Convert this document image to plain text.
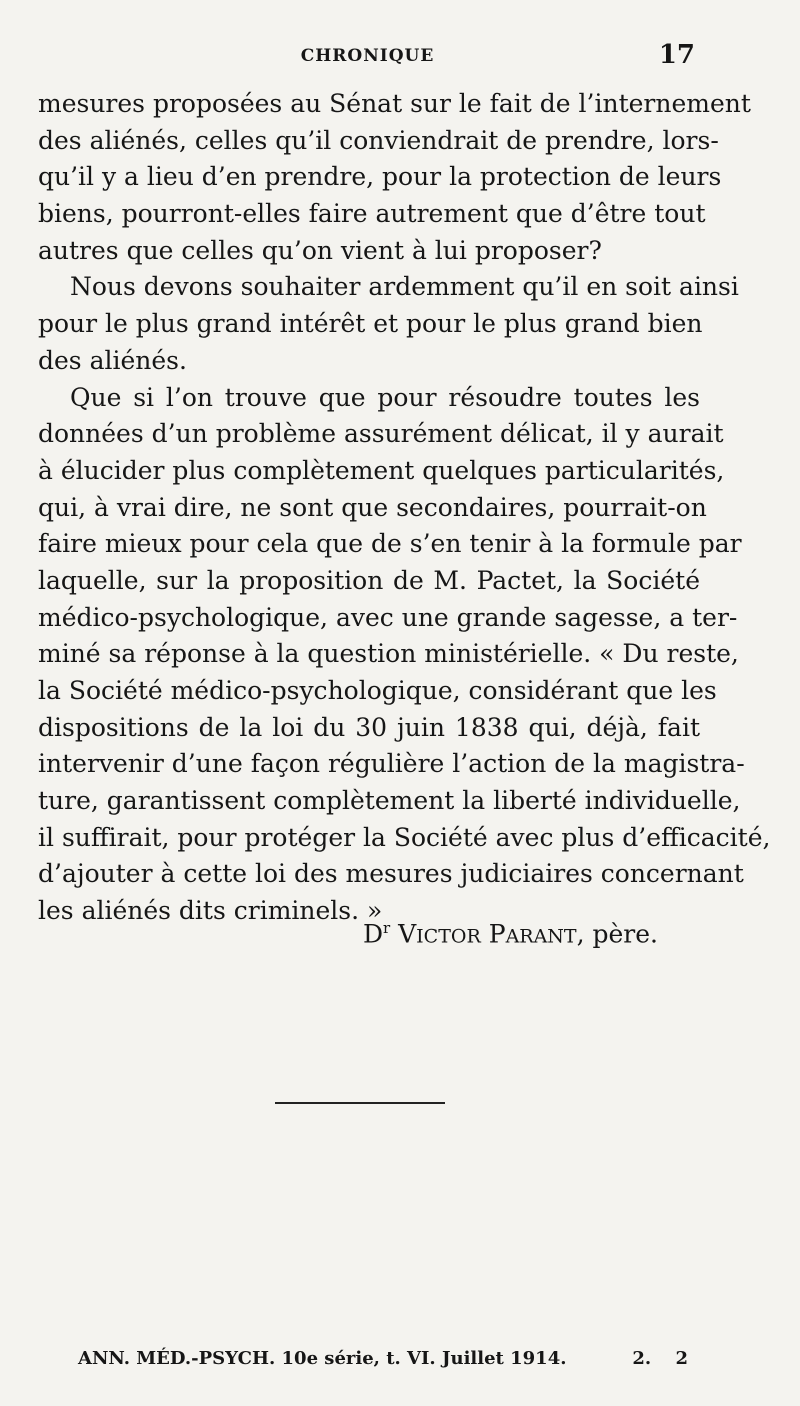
CHRONIQUE	17
mesures proposées au Sénat sur le fait de l’internement
des aliénés, celles qu’il conviendrait de prendre, lors-
qu’il y a lieu d’en prendre, pour la protection de leurs
biens, pourront-elles faire autrement que d’être tout
autres que celles qu’on vient à lui proposer?
Nous devons souhaiter ardemment qu’il en soit ainsi
pour le plus grand intérêt et pour le plus grand bien
des aliénés.
Que si l’on trouve que pour résoudre toutes les
données d’un problème assurément délicat, il y aurait
à élucider plus complètement quelques particularités,
qui, à vrai dire, ne sont que secondaires, pourrait-on
faire mieux pour cela que de s’en tenir à la formule par
laquelle, sur la proposition de M. Pactet, la Société
médico-psychologique, avec une grande sagesse, a ter-
miné sa réponse à la question ministérielle. « Du reste,
la Société médico-psychologique, considérant que les
dispositions de la loi du 30 juin 1838 qui, déjà, fait
intervenir d’une façon régulière l’action de la magistra-
ture, garantissent complètement la liberté individuelle,
il suffirait, pour protéger la Société avec plus d’efficacité,
d’ajouter à cette loi des mesures judiciaires concernant
les aliénés dits criminels. »
$D^r$ VICTOR PARANT, père.
ANN. MÉD.-PSYCH. 10e série, t. VI. Juillet 1914.	2. 2
